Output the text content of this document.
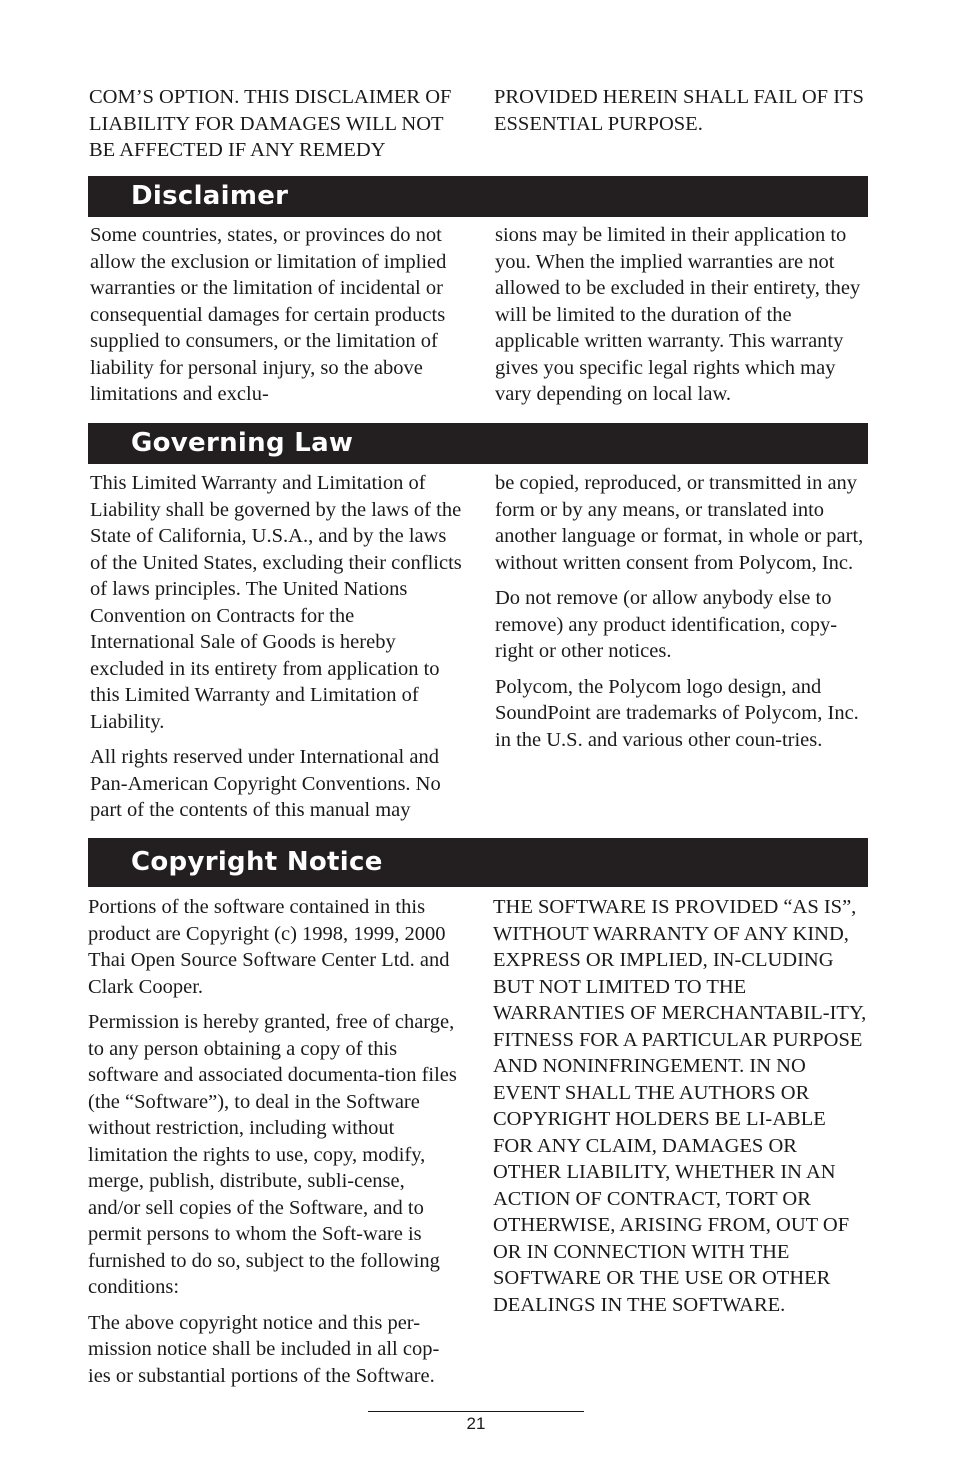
COM’S OPTION. THIS DISCLAIMER OF LIABILITY FOR DAMAGES WILL NOT BE AFFECTED IF ANY REMEDY

PROVIDED HEREIN SHALL FAIL OF ITS ESSENTIAL PURPOSE.

Disclaimer

Some countries, states, or provinces do not allow the exclusion or limitation of implied warranties or the limitation of incidental or consequential damages for certain products supplied to consumers, or the limitation of liability for personal injury, so the above limitations and exclu-

sions may be limited in their application to you. When the implied warranties are not allowed to be excluded in their entirety, they will be limited to the duration of the applicable written warranty. This warranty gives you specific legal rights which may vary depending on local law.

Governing Law

This Limited Warranty and Limitation of Liability shall be governed by the laws of the State of California, U.S.A., and by the laws of the United States, excluding their conflicts of laws principles. The United Nations Convention on Contracts for the International Sale of Goods is hereby excluded in its entirety from application to this Limited Warranty and Limitation of Liability.

All rights reserved under International and Pan-American Copyright Conventions. No part of the contents of this manual may

be copied, reproduced, or transmitted in any form or by any means, or translated into another language or format, in whole or part, without written consent from Polycom, Inc.

Do not remove (or allow anybody else to remove) any product identification, copy-right or other notices.

Polycom, the Polycom logo design, and SoundPoint are trademarks of Polycom, Inc. in the U.S. and various other coun-tries.

Copyright Notice

Portions of the software contained in this product are Copyright (c) 1998, 1999, 2000 Thai Open Source Software Center Ltd. and Clark Cooper.

Permission is hereby granted, free of charge, to any person obtaining a copy of this software and associated documenta-tion files (the “Software”), to deal in the Software without restriction, including without limitation the rights to use, copy, modify, merge, publish, distribute, subli-cense, and/or sell copies of the Software, and to permit persons to whom the Soft-ware is furnished to do so, subject to the following conditions:

The above copyright notice and this per-mission notice shall be included in all cop-ies or substantial portions of the Software.

THE SOFTWARE IS PROVIDED “AS IS”, WITHOUT WARRANTY OF ANY KIND, EXPRESS OR IMPLIED, IN-CLUDING BUT NOT LIMITED TO THE WARRANTIES OF MERCHANTABIL-ITY, FITNESS FOR A PARTICULAR PURPOSE AND NONINFRINGEMENT. IN NO EVENT SHALL THE AUTHORS OR COPYRIGHT HOLDERS BE LI-ABLE FOR ANY CLAIM, DAMAGES OR OTHER LIABILITY, WHETHER IN AN ACTION OF CONTRACT, TORT OR OTHERWISE, ARISING FROM, OUT OF OR IN CONNECTION WITH THE SOFTWARE OR THE USE OR OTHER DEALINGS IN THE SOFTWARE.

21
